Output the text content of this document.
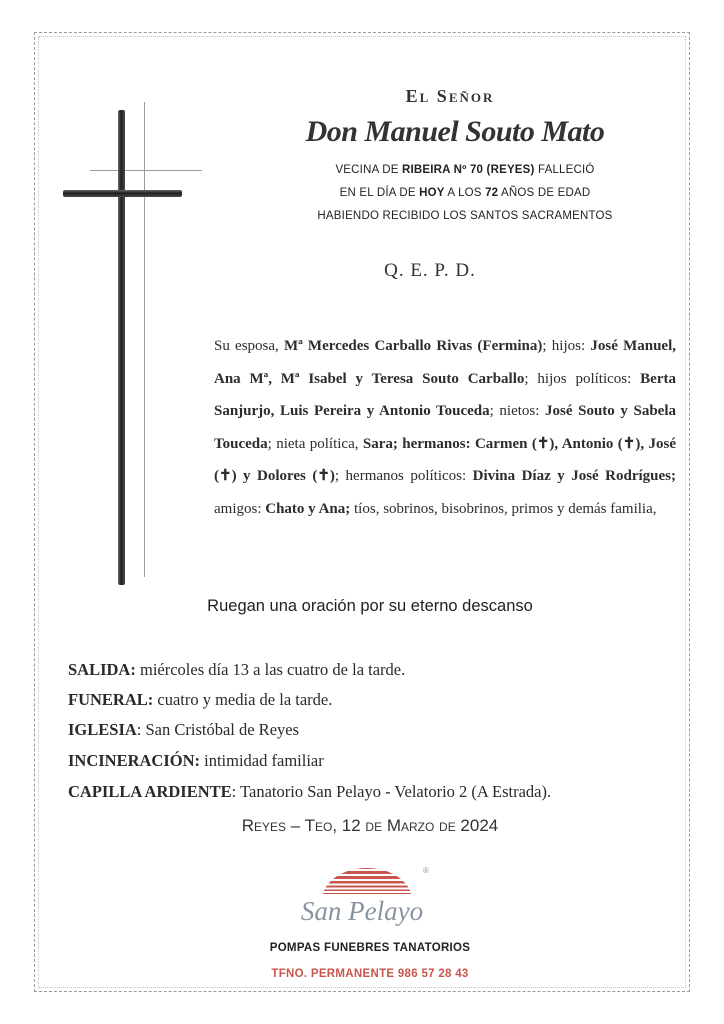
El Señor
Don Manuel Souto Mato
VECINA DE RIBEIRA Nº 70 (REYES) FALLECIÓ
EN EL DÍA DE HOY A LOS 72 AÑOS DE EDAD
HABIENDO RECIBIDO LOS SANTOS SACRAMENTOS
Q. E. P. D.
Su esposa, Mª Mercedes Carballo Rivas (Fermina); hijos: José Manuel, Ana Mª, Mª Isabel y Teresa Souto Carballo; hijos políticos: Berta Sanjurjo, Luis Pereira y Antonio Touceda; nietos: José Souto y Sabela Touceda; nieta política, Sara; hermanos: Carmen (✝), Antonio (✝), José (✝) y Dolores (✝); hermanos políticos: Divina Díaz y José Rodrígues; amigos: Chato y Ana; tíos, sobrinos, bisobrinos, primos y demás familia,
Ruegan una oración por su eterno descanso
SALIDA: miércoles día 13 a las cuatro de la tarde.
FUNERAL: cuatro y media de la tarde.
IGLESIA: San Cristóbal de Reyes
INCINERACIÓN: intimidad familiar
CAPILLA ARDIENTE: Tanatorio San Pelayo - Velatorio 2 (A Estrada).
Reyes – Teo, 12 de Marzo de 2024
San Pelayo
®
POMPAS FUNEBRES TANATORIOS
TFNO. PERMANENTE 986 57 28 43
